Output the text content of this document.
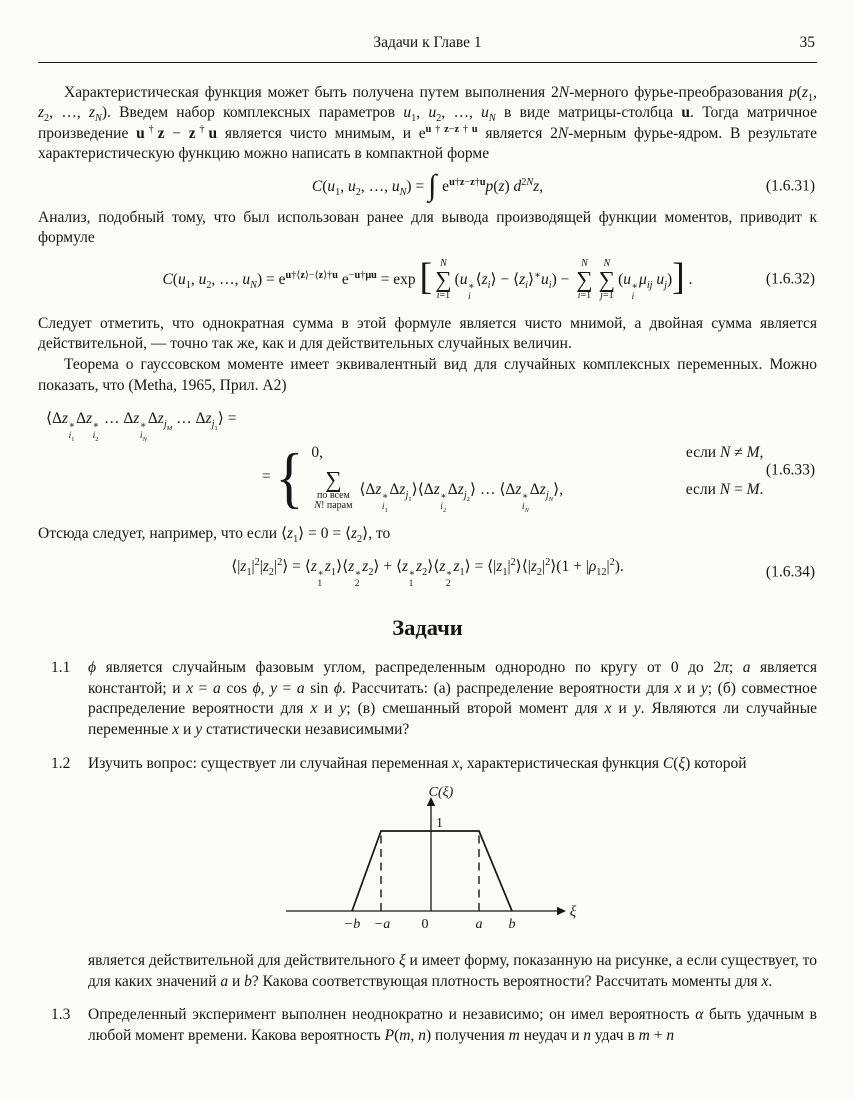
Задачи к Главе 1	35

Характеристическая функция может быть получена путем выполнения 2N-мерного фурье-преобразования $p(z_1$, $z_2$, …, $z_N$). Введем набор комплексных параметров $u_1$, $u_2$, …, $u_N$ в виде матрицы-столбца u. Тогда матричное произведение u†z − z†u является чисто мнимым, и $e^{u\dagger z-z\dagger u}$ является 2N-мерным фурье-ядром. В результате характеристическую функцию можно написать в компактной форме

$C(u_1$, $u_2$, …, $u_N$) = ∫ $e^{u\dagger z-z\dagger u}p(z)$ $d^{2N}z$,	(1.6.31)

Анализ, подобный тому, что был использован ранее для вывода производящей функции моментов, приводит к формуле

$C(u_1$, $u_2$, …, $u_N) = e^{u\dagger⟨z⟩-⟨z⟩\dagger u}$ $e^{-u\dagger\mu u} = \exp$ [ N
∑
i=1
(u ∗
i
$⟨z_i⟩$ − $⟨z_i⟩^∗u_i$) −
N
∑
i=1
N
∑
j=1
(u ∗
i
$\mu_{ij}$ $u_j$)] .	(1.6.32)

Следует отметить, что однократная сумма в этой формуле является чисто мнимой, а двойная сумма является действительной, — точно так же, как и для действительных случайных величин.

Теорема о гауссовском моменте имеет эквивалентный вид для случайных комплексных переменных. Можно показать, что (Metha, 1965, Прил. A2)

⟨Δz ∗
$i_1$
Δz ∗
$i_2$
… Δz ∗
$i_N$
$\Delta z_{j_M}$ … $\Delta z_{j_1}⟩$ =
= { 0,	если N ≠ M,
∑
по всем
N! парам
⟨Δz ∗
$i_1$
$\Delta z_{j_1}⟩⟨\Delta z$ ∗
$i_2$
$\Delta z_{j_2}⟩$ … ⟨Δz ∗
$i_N$
$\Delta z_{j_N}⟩$,	если N = M.
(1.6.33)

Отсюда следует, например, что если $⟨z_1⟩ = 0$ = $⟨z_2⟩$, то

$⟨|z_1|^2|z_2|^2⟩$ = ⟨z ∗
1
$z_1⟩⟨z$ ∗
2
$z_2⟩$ + ⟨z ∗
1
$z_2⟩⟨z$ ∗
2
$z_1⟩$ = $⟨|z_1|^2⟩⟨|z_2|^2⟩(1 + |\rho_{12}|^2)$.	(1.6.34)
Задачи
1.1	ϕ является случайным фазовым углом, распределенным однородно по кругу от 0 до 2π; a является константой; и x = a cos ϕ, y = a sin ϕ. Рассчитать: (а) распределение вероятности для x и y; (б) совместное распределение вероятности для x и y; (в) смешанный второй момент для x и y. Являются ли случайные переменные x и y статистически независимыми?
1.2	Изучить вопрос: существует ли случайная переменная x, характеристическая функция C(ξ) которой
C(ξ)
1
−b −a 0	a b
ξ
является действительной для действительного ξ и имеет форму, показанную на рисунке, а если существует, то для каких значений a и b? Какова соответствующая плотность вероятности? Рассчитать моменты для x.
1.3	Определенный эксперимент выполнен неоднократно и независимо; он имел вероятность α быть удачным в любой момент времени. Какова вероятность P(m, n) получения m неудач и n удач в m + n
